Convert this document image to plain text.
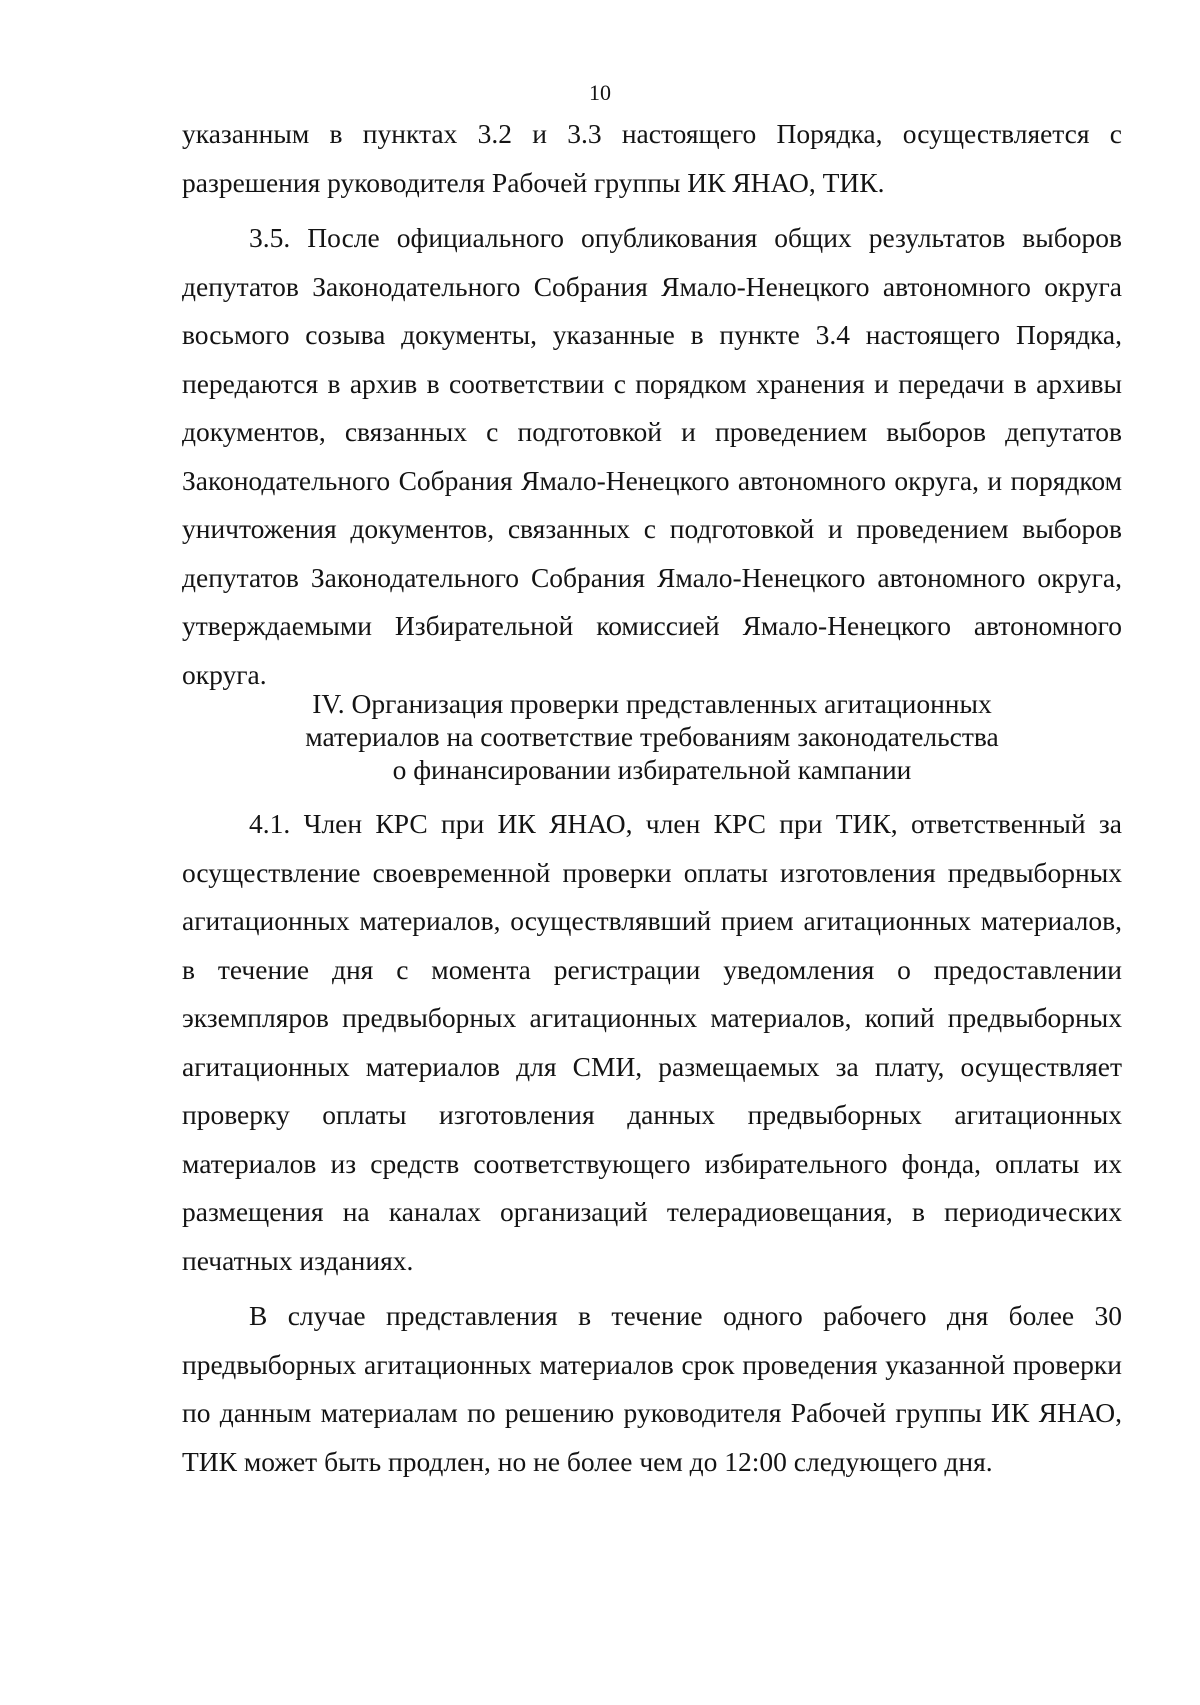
10

указанным в пунктах 3.2 и 3.3 настоящего Порядка, осуществляется с разрешения руководителя Рабочей группы ИК ЯНАО, ТИК.

3.5. После официального опубликования общих результатов выборов депутатов Законодательного Собрания Ямало-Ненецкого автономного округа восьмого созыва документы, указанные в пункте 3.4 настоящего Порядка, передаются в архив в соответствии с порядком хранения и передачи в архивы документов, связанных с подготовкой и проведением выборов депутатов Законодательного Собрания Ямало-Ненецкого автономного округа, и порядком уничтожения документов, связанных с подготовкой и проведением выборов депутатов Законодательного Собрания Ямало-Ненецкого автономного округа, утверждаемыми Избирательной комиссией Ямало-Ненецкого автономного округа.

IV. Организация проверки представленных агитационных
материалов на соответствие требованиям законодательства
о финансировании избирательной кампании

4.1. Член КРС при ИК ЯНАО, член КРС при ТИК, ответственный за осуществление своевременной проверки оплаты изготовления предвыборных агитационных материалов, осуществлявший прием агитационных материалов, в течение дня с момента регистрации уведомления о предоставлении экземпляров предвыборных агитационных материалов, копий предвыборных агитационных материалов для СМИ, размещаемых за плату, осуществляет проверку оплаты изготовления данных предвыборных агитационных материалов из средств соответствующего избирательного фонда, оплаты их размещения на каналах организаций телерадиовещания, в периодических печатных изданиях.

В случае представления в течение одного рабочего дня более 30 предвыборных агитационных материалов срок проведения указанной проверки по данным материалам по решению руководителя Рабочей группы ИК ЯНАО, ТИК может быть продлен, но не более чем до 12:00 следующего дня.
